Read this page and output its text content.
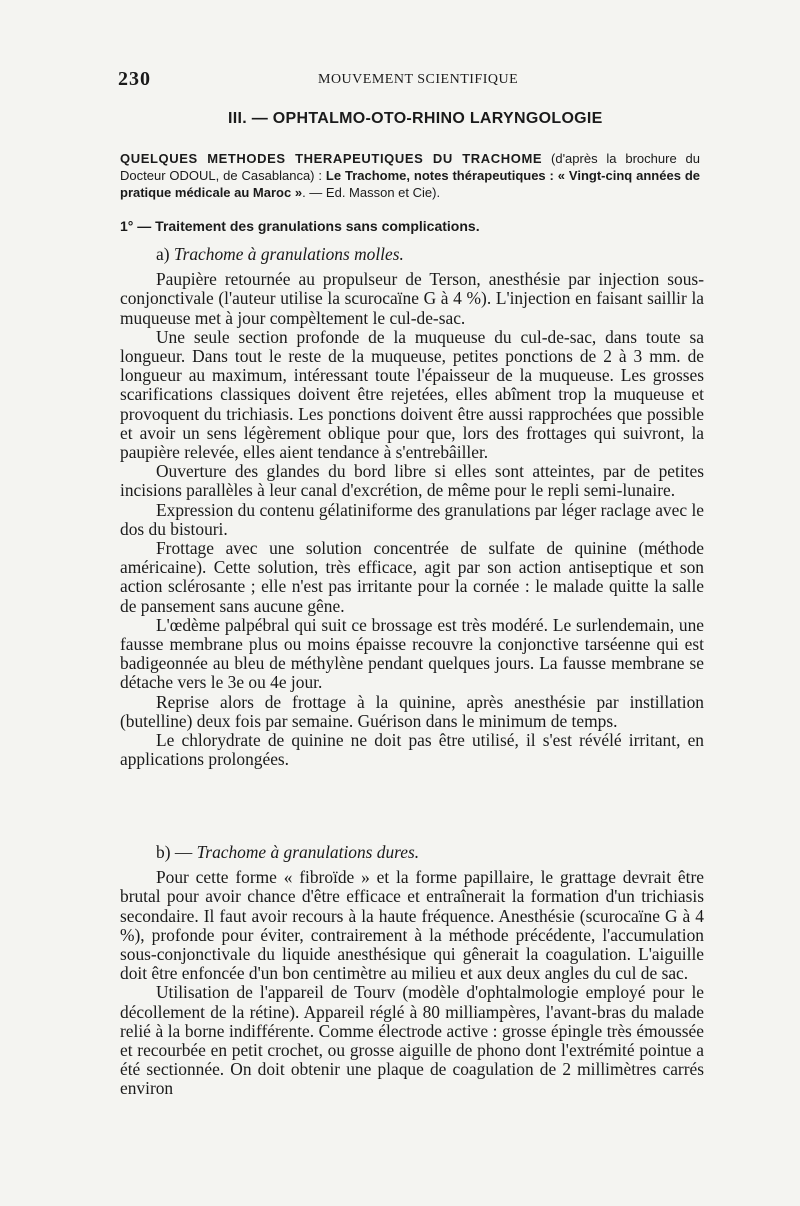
230	MOUVEMENT SCIENTIFIQUE
III. — OPHTALMO-OTO-RHINO LARYNGOLOGIE
QUELQUES METHODES THERAPEUTIQUES DU TRACHOME (d'après la brochure du Docteur ODOUL, de Casablanca) : Le Trachome, notes thérapeutiques : « Vingt-cinq années de pratique médicale au Maroc ». — Ed. Masson et Cie).
1° — Traitement des granulations sans complications.
a) Trachome à granulations molles.

Paupière retournée au propulseur de Terson, anesthésie par injection sous-conjonctivale (l'auteur utilise la scurocaïne G à 4 %). L'injection en faisant saillir la muqueuse met à jour compèltement le cul-de-sac.

Une seule section profonde de la muqueuse du cul-de-sac, dans toute sa longueur. Dans tout le reste de la muqueuse, petites ponctions de 2 à 3 mm. de longueur au maximum, intéressant toute l'épaisseur de la muqueuse. Les grosses scarifications classiques doivent être rejetées, elles abîment trop la muqueuse et provoquent du trichiasis. Les ponctions doivent être aussi rapprochées que possible et avoir un sens légèrement oblique pour que, lors des frottages qui suivront, la paupière relevée, elles aient tendance à s'entrebâiller.

Ouverture des glandes du bord libre si elles sont atteintes, par de petites incisions parallèles à leur canal d'excrétion, de même pour le repli semi-lunaire.

Expression du contenu gélatiniforme des granulations par léger raclage avec le dos du bistouri.

Frottage avec une solution concentrée de sulfate de quinine (méthode américaine). Cette solution, très efficace, agit par son action antiseptique et son action sclérosante ; elle n'est pas irritante pour la cornée : le malade quitte la salle de pansement sans aucune gêne.

L'œdème palpébral qui suit ce brossage est très modéré. Le surlendemain, une fausse membrane plus ou moins épaisse recouvre la conjonctive tarséenne qui est badigeonnée au bleu de méthylène pendant quelques jours. La fausse membrane se détache vers le 3e ou 4e jour.

Reprise alors de frottage à la quinine, après anesthésie par instillation (butelline) deux fois par semaine. Guérison dans le minimum de temps.

Le chlorydrate de quinine ne doit pas être utilisé, il s'est révélé irritant, en applications prolongées.

b) — Trachome à granulations dures.

Pour cette forme « fibroïde » et la forme papillaire, le grattage devrait être brutal pour avoir chance d'être efficace et entraînerait la formation d'un trichiasis secondaire. Il faut avoir recours à la haute fréquence. Anesthésie (scurocaïne G à 4 %), profonde pour éviter, contrairement à la méthode précédente, l'accumulation sous-conjonctivale du liquide anesthésique qui gênerait la coagulation. L'aiguille doit être enfoncée d'un bon centimètre au milieu et aux deux angles du cul de sac.

Utilisation de l'appareil de Tourv (modèle d'ophtalmologie employé pour le décollement de la rétine). Appareil réglé à 80 milliampères, l'avant-bras du malade relié à la borne indifférente. Comme électrode active : grosse épingle très émoussée et recourbée en petit crochet, ou grosse aiguille de phono dont l'extrémité pointue a été sectionnée. On doit obtenir une plaque de coagulation de 2 millimètres carrés environ
